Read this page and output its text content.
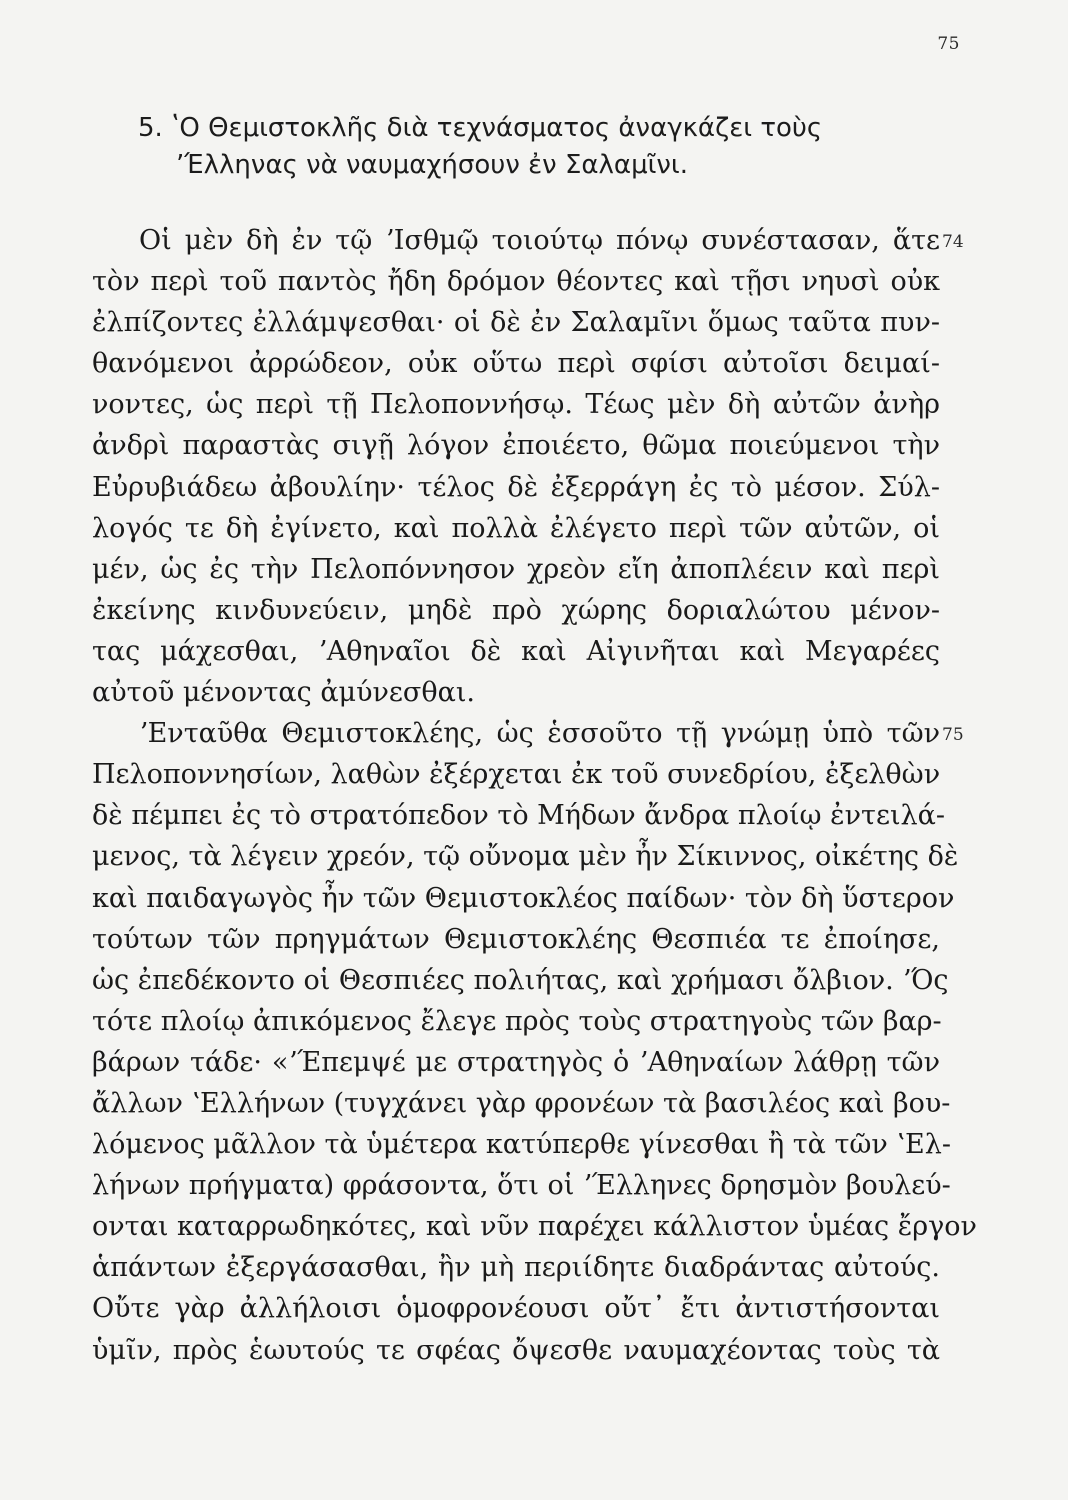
75
5. ʽΟ Θεμιστοκλῆς διὰ τεχνάσματος ἀναγκάζει τοὺς
ʼΈλληνας νὰ ναυμαχήσουν ἐν Σαλαμῖνι.
Οἱ μὲν δὴ ἐν τῷ ʼΙσθμῷ τοιούτῳ πόνῳ συνέστασαν, ἅτε 74
τὸν περὶ τοῦ παντὸς ἤδη δρόμον θέοντες καὶ τῇσι νηυσὶ οὐκ
ἐλπίζοντες ἐλλάμψεσθαι· οἱ δὲ ἐν Σαλαμῖνι ὅμως ταῦτα πυν-
θανόμενοι ἀρρώδεον, οὐκ οὕτω περὶ σφίσι αὐτοῖσι δειμαί-
νοντες, ὡς περὶ τῇ Πελοποννήσῳ. Τέως μὲν δὴ αὐτῶν ἀνὴρ
ἀνδρὶ παραστὰς σιγῇ λόγον ἐποιέετο, θῶμα ποιεύμενοι τὴν
Εὐρυβιάδεω ἀβουλίην· τέλος δὲ ἐξερράγη ἐς τὸ μέσον. Σύλ-
λογός τε δὴ ἐγίνετο, καὶ πολλὰ ἐλέγετο περὶ τῶν αὐτῶν, οἱ
μέν, ὡς ἐς τὴν Πελοπόννησον χρεὸν εἴη ἀποπλέειν καὶ περὶ
ἐκείνης κινδυνεύειν, μηδὲ πρὸ χώρης δοριαλώτου μένον-
τας μάχεσθαι, ʼΑθηναῖοι δὲ καὶ Αἰγινῆται καὶ Μεγαρέες
αὐτοῦ μένοντας ἀμύνεσθαι.
ʼΕνταῦθα Θεμιστοκλέης, ὡς ἑσσοῦτο τῇ γνώμῃ ὑπὸ τῶν 75
Πελοποννησίων, λαθὼν ἐξέρχεται ἐκ τοῦ συνεδρίου, ἐξελθὼν
δὲ πέμπει ἐς τὸ στρατόπεδον τὸ Μήδων ἄνδρα πλοίῳ ἐντειλά-
μενος, τὰ λέγειν χρεόν, τῷ οὔνομα μὲν ἦν Σίκιννος, οἰκέτης δὲ
καὶ παιδαγωγὸς ἦν τῶν Θεμιστοκλέος παίδων· τὸν δὴ ὕστερον
τούτων τῶν πρηγμάτων Θεμιστοκλέης Θεσπιέα τε ἐποίησε,
ὡς ἐπεδέκοντο οἱ Θεσπιέες πολιήτας, καὶ χρήμασι ὄλβιον. ʼΌς
τότε πλοίῳ ἀπικόμενος ἔλεγε πρὸς τοὺς στρατηγοὺς τῶν βαρ-
βάρων τάδε· «ʼΈπεμψέ με στρατηγὸς ὁ ʼΑθηναίων λάθρῃ τῶν
ἄλλων ʽΕλλήνων (τυγχάνει γὰρ φρονέων τὰ βασιλέος καὶ βου-
λόμενος μᾶλλον τὰ ὑμέτερα κατύπερθε γίνεσθαι ἢ τὰ τῶν ʽΕλ-
λήνων πρήγματα) φράσοντα, ὅτι οἱ ʼΈλληνες δρησμὸν βουλεύ-
ονται καταρρωδηκότες, καὶ νῦν παρέχει κάλλιστον ὑμέας ἔργον
ἁπάντων ἐξεργάσασθαι, ἢν μὴ περιίδητε διαδράντας αὐτούς.
Οὔτε γὰρ ἀλλήλοισι ὁμοφρονέουσι οὔτ᾽ ἔτι ἀντιστήσονται
ὑμῖν, πρὸς ἑωυτούς τε σφέας ὄψεσθε ναυμαχέοντας τοὺς τὰ
